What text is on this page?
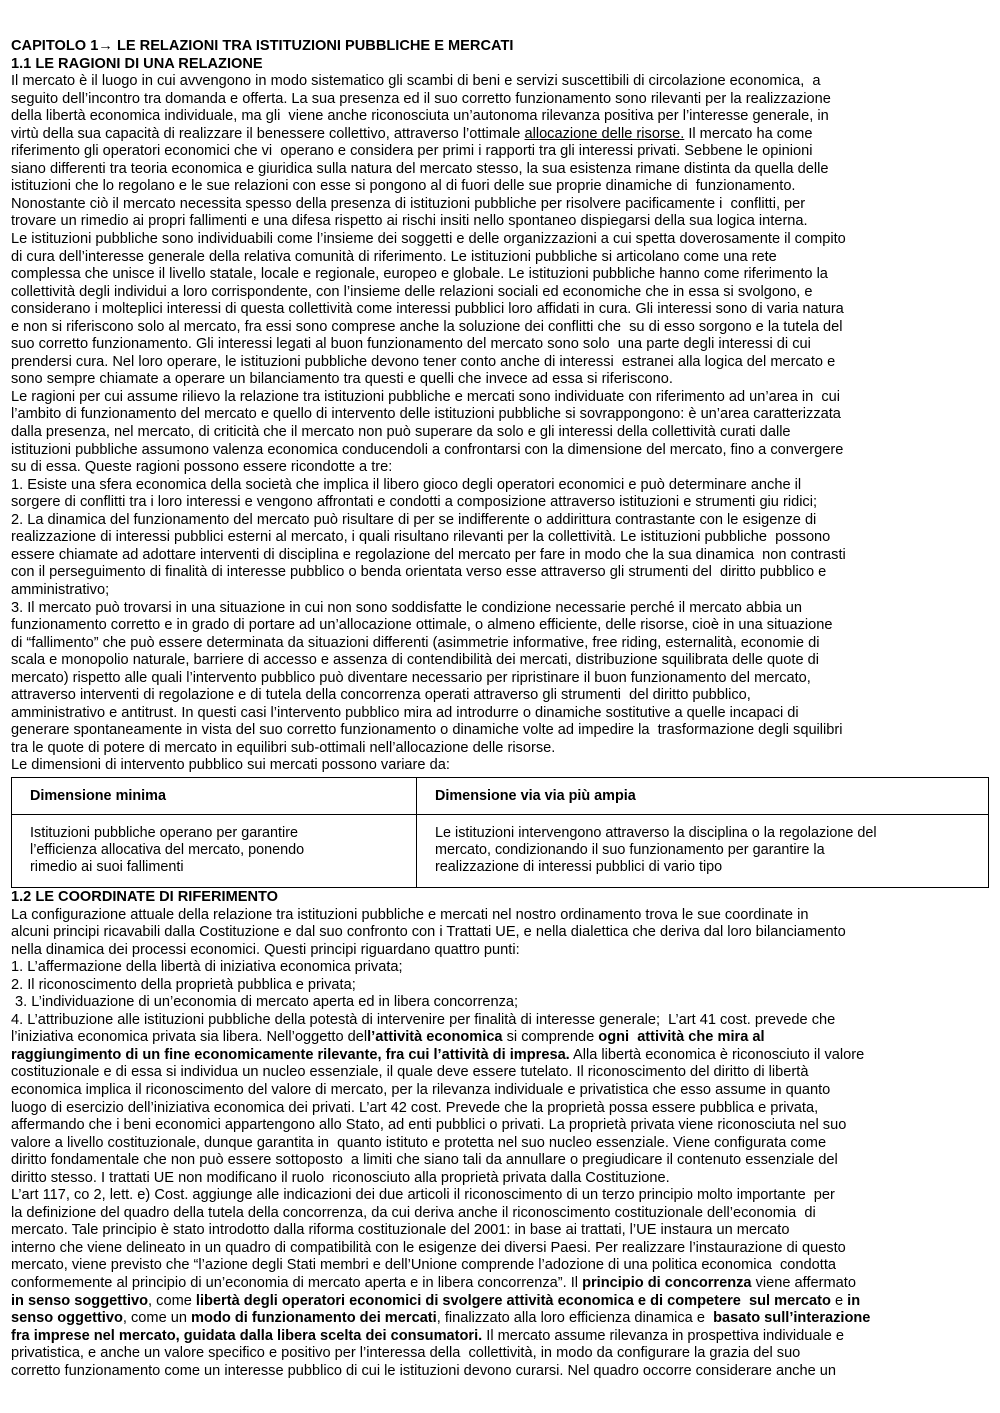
CAPITOLO 1→ LE RELAZIONI TRA ISTITUZIONI PUBBLICHE E MERCATI
1.1 LE RAGIONI DI UNA RELAZIONE
Il mercato è il luogo in cui avvengono in modo sistematico gli scambi di beni e servizi suscettibili di circolazione economica,  a
seguito dell’incontro tra domanda e offerta. La sua presenza ed il suo corretto funzionamento sono rilevanti per la realizzazione
della libertà economica individuale, ma gli  viene anche riconosciuta un’autonoma rilevanza positiva per l’interesse generale, in
virtù della sua capacità di realizzare il benessere collettivo, attraverso l’ottimale allocazione delle risorse. Il mercato ha come
riferimento gli operatori economici che vi  operano e considera per primi i rapporti tra gli interessi privati. Sebbene le opinioni
siano differenti tra teoria economica e giuridica sulla natura del mercato stesso, la sua esistenza rimane distinta da quella delle
istituzioni che lo regolano e le sue relazioni con esse si pongono al di fuori delle sue proprie dinamiche di  funzionamento.
Nonostante ciò il mercato necessita spesso della presenza di istituzioni pubbliche per risolvere pacificamente i  conflitti, per
trovare un rimedio ai propri fallimenti e una difesa rispetto ai rischi insiti nello spontaneo dispiegarsi della sua logica interna.
Le istituzioni pubbliche sono individuabili come l’insieme dei soggetti e delle organizzazioni a cui spetta doverosamente il compito
di cura dell’interesse generale della relativa comunità di riferimento. Le istituzioni pubbliche si articolano come una rete
complessa che unisce il livello statale, locale e regionale, europeo e globale. Le istituzioni pubbliche hanno come riferimento la
collettività degli individui a loro corrispondente, con l’insieme delle relazioni sociali ed economiche che in essa si svolgono, e
considerano i molteplici interessi di questa collettività come interessi pubblici loro affidati in cura. Gli interessi sono di varia natura
e non si riferiscono solo al mercato, fra essi sono comprese anche la soluzione dei conflitti che  su di esso sorgono e la tutela del
suo corretto funzionamento. Gli interessi legati al buon funzionamento del mercato sono solo  una parte degli interessi di cui
prendersi cura. Nel loro operare, le istituzioni pubbliche devono tener conto anche di interessi  estranei alla logica del mercato e
sono sempre chiamate a operare un bilanciamento tra questi e quelli che invece ad essa si riferiscono.
Le ragioni per cui assume rilievo la relazione tra istituzioni pubbliche e mercati sono individuate con riferimento ad un’area in  cui
l’ambito di funzionamento del mercato e quello di intervento delle istituzioni pubbliche si sovrappongono: è un’area caratterizzata
dalla presenza, nel mercato, di criticità che il mercato non può superare da solo e gli interessi della collettività curati dalle
istituzioni pubbliche assumono valenza economica conducendoli a confrontarsi con la dimensione del mercato, fino a convergere
su di essa. Queste ragioni possono essere ricondotte a tre:
1. Esiste una sfera economica della società che implica il libero gioco degli operatori economici e può determinare anche il
sorgere di conflitti tra i loro interessi e vengono affrontati e condotti a composizione attraverso istituzioni e strumenti giu ridici;
2. La dinamica del funzionamento del mercato può risultare di per se indifferente o addirittura contrastante con le esigenze di
realizzazione di interessi pubblici esterni al mercato, i quali risultano rilevanti per la collettività. Le istituzioni pubbliche  possono
essere chiamate ad adottare interventi di disciplina e regolazione del mercato per fare in modo che la sua dinamica  non contrasti
con il perseguimento di finalità di interesse pubblico o benda orientata verso esse attraverso gli strumenti del  diritto pubblico e
amministrativo;
3. Il mercato può trovarsi in una situazione in cui non sono soddisfatte le condizione necessarie perché il mercato abbia un
funzionamento corretto e in grado di portare ad un’allocazione ottimale, o almeno efficiente, delle risorse, cioè in una situazione
di “fallimento” che può essere determinata da situazioni differenti (asimmetrie informative, free riding, esternalità, economie di
scala e monopolio naturale, barriere di accesso e assenza di contendibilità dei mercati, distribuzione squilibrata delle quote di
mercato) rispetto alle quali l’intervento pubblico può diventare necessario per ripristinare il buon funzionamento del mercato,
attraverso interventi di regolazione e di tutela della concorrenza operati attraverso gli strumenti  del diritto pubblico,
amministrativo e antitrust. In questi casi l’intervento pubblico mira ad introdurre o dinamiche sostitutive a quelle incapaci di
generare spontaneamente in vista del suo corretto funzionamento o dinamiche volte ad impedire la  trasformazione degli squilibri
tra le quote di potere di mercato in equilibri sub-ottimali nell’allocazione delle risorse.
Le dimensioni di intervento pubblico sui mercati possono variare da:
Dimensione minima	Dimensione via via più ampia

Istituzioni pubbliche operano per garantire
l’efficienza allocativa del mercato, ponendo
rimedio ai suoi fallimenti	Le istituzioni intervengono attraverso la disciplina o la regolazione del
mercato, condizionando il suo funzionamento per garantire la
realizzazione di interessi pubblici di vario tipo
1.2 LE COORDINATE DI RIFERIMENTO
La configurazione attuale della relazione tra istituzioni pubbliche e mercati nel nostro ordinamento trova le sue coordinate in
alcuni principi ricavabili dalla Costituzione e dal suo confronto con i Trattati UE, e nella dialettica che deriva dal loro bilanciamento
nella dinamica dei processi economici. Questi principi riguardano quattro punti:
1. L’affermazione della libertà di iniziativa economica privata;
2. Il riconoscimento della proprietà pubblica e privata;
3. L’individuazione di un’economia di mercato aperta ed in libera concorrenza;
4. L’attribuzione alle istituzioni pubbliche della potestà di intervenire per finalità di interesse generale;  L’art 41 cost. prevede che
l’iniziativa economica privata sia libera. Nell’oggetto dell’attività economica si comprende ogni  attività che mira al
raggiungimento di un fine economicamente rilevante, fra cui l’attività di impresa. Alla libertà economica è riconosciuto il valore
costituzionale e di essa si individua un nucleo essenziale, il quale deve essere tutelato. Il riconoscimento del diritto di libertà
economica implica il riconoscimento del valore di mercato, per la rilevanza individuale e privatistica che esso assume in quanto
luogo di esercizio dell’iniziativa economica dei privati. L’art 42 cost. Prevede che la proprietà possa essere pubblica e privata,
affermando che i beni economici appartengono allo Stato, ad enti pubblici o privati. La proprietà privata viene riconosciuta nel suo
valore a livello costituzionale, dunque garantita in  quanto istituto e protetta nel suo nucleo essenziale. Viene configurata come
diritto fondamentale che non può essere sottoposto  a limiti che siano tali da annullare o pregiudicare il contenuto essenziale del
diritto stesso. I trattati UE non modificano il ruolo  riconosciuto alla proprietà privata dalla Costituzione.
L’art 117, co 2, lett. e) Cost. aggiunge alle indicazioni dei due articoli il riconoscimento di un terzo principio molto importante  per
la definizione del quadro della tutela della concorrenza, da cui deriva anche il riconoscimento costituzionale dell’economia  di
mercato. Tale principio è stato introdotto dalla riforma costituzionale del 2001: in base ai trattati, l’UE instaura un mercato
interno che viene delineato in un quadro di compatibilità con le esigenze dei diversi Paesi. Per realizzare l’instaurazione di questo
mercato, viene previsto che “l’azione degli Stati membri e dell’Unione comprende l’adozione di una politica economica  condotta
conformemente al principio di un’economia di mercato aperta e in libera concorrenza”. Il principio di concorrenza viene affermato
in senso soggettivo, come libertà degli operatori economici di svolgere attività economica e di competere  sul mercato e in
senso oggettivo, come un modo di funzionamento dei mercati, finalizzato alla loro efficienza dinamica e  basato sull’interazione
fra imprese nel mercato, guidata dalla libera scelta dei consumatori. Il mercato assume rilevanza in prospettiva individuale e
privatistica, e anche un valore specifico e positivo per l’interessa della  collettività, in modo da configurare la grazia del suo
corretto funzionamento come un interesse pubblico di cui le istituzioni devono curarsi. Nel quadro occorre considerare anche un
